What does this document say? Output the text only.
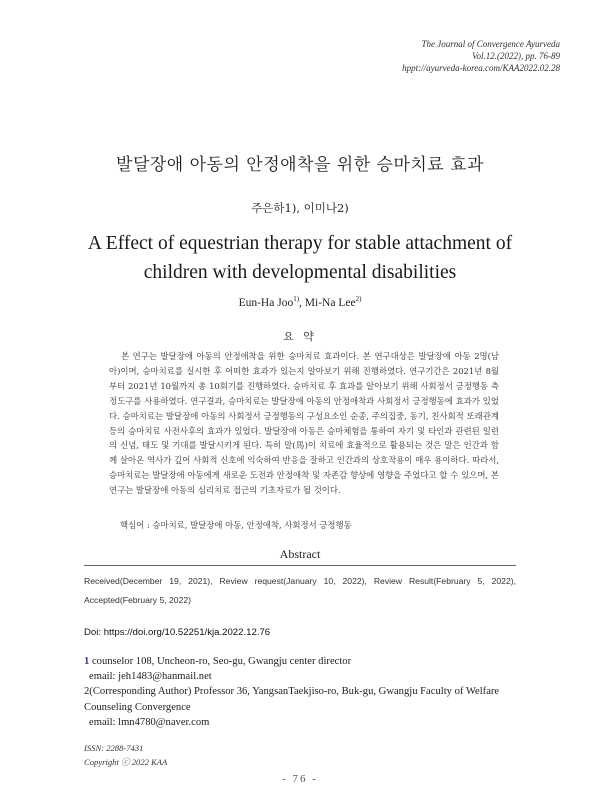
The Journal of Convergence Ayurveda
Vol.12.(2022), pp. 76-89
hppt://ayurveda-korea.com/KAA2022.02.28
발달장애 아동의 안정애착을 위한 승마치료 효과
주은하1), 이미나2)
A Effect of equestrian therapy for stable attachment of children with developmental disabilities
Eun-Ha Joo$^{1)}$, Mi-Na Lee$^{2)}$
요 약
본 연구는 발달장애 아동의 안정애착을 위한 승마치료 효과이다. 본 연구대상은 발달장애 아동 2명(남아)이며, 승마치료를 실시한 후 어떠한 효과가 있는지 알아보기 위해 진행하였다. 연구기간은 2021년 8월부터 2021년 10월까지 총 10회기를 진행하였다. 승마치료 후 효과를 알아보기 위해 사회정서 긍정행동 측정도구를 사용하였다. 연구결과, 승마치료는 발달장애 아동의 안정애착과 사회정서 긍정행동에 효과가 있었다. 승마치료는 발달장애 아동의 사회정서 긍정행동의 구성요소인 순종, 주의집중, 동기, 친사회적 또래관계 등의 승마치료 사전사후의 효과가 있었다. 발달장애 아동은 승마체험을 통하여 자기 및 타인과 관련된 일련의 신념, 태도 및 기대를 발달시키게 된다. 특히 말(馬)이 치료에 효율적으로 활용되는 것은 말은 인간과 함께 살아온 역사가 깊어 사회적 신호에 익숙하여 반응을 잘하고 인간과의 상호작용이 매우 용이하다. 따라서, 승마치료는 발달장애 아동에게 새로운 도전과 안정애착 및 자존감 향상에 영향을 주었다고 할 수 있으며, 본 연구는 발달장애 아동의 심리치료 접근의 기초자료가 될 것이다.
핵심어 : 승마치료, 발달장애 아동, 안정애착, 사회정서 긍정행동
Abstract
Received(December 19, 2021), Review request(January 10, 2022), Review Result(February 5, 2022), Accepted(February 5, 2022)
Doi: https://doi.org/10.52251/kja.2022.12.76
1 counselor 108, Uncheon-ro, Seo-gu, Gwangju center director
email: jeh1483@hanmail.net
2(Corresponding Author) Professor 36, YangsanTaekjiso-ro, Buk-gu, Gwangju Faculty of Welfare Counseling Convergence
email: lmn4780@naver.com
ISSN: 2288-7431
Copyright ⓒ 2022 KAA
- 76 -
